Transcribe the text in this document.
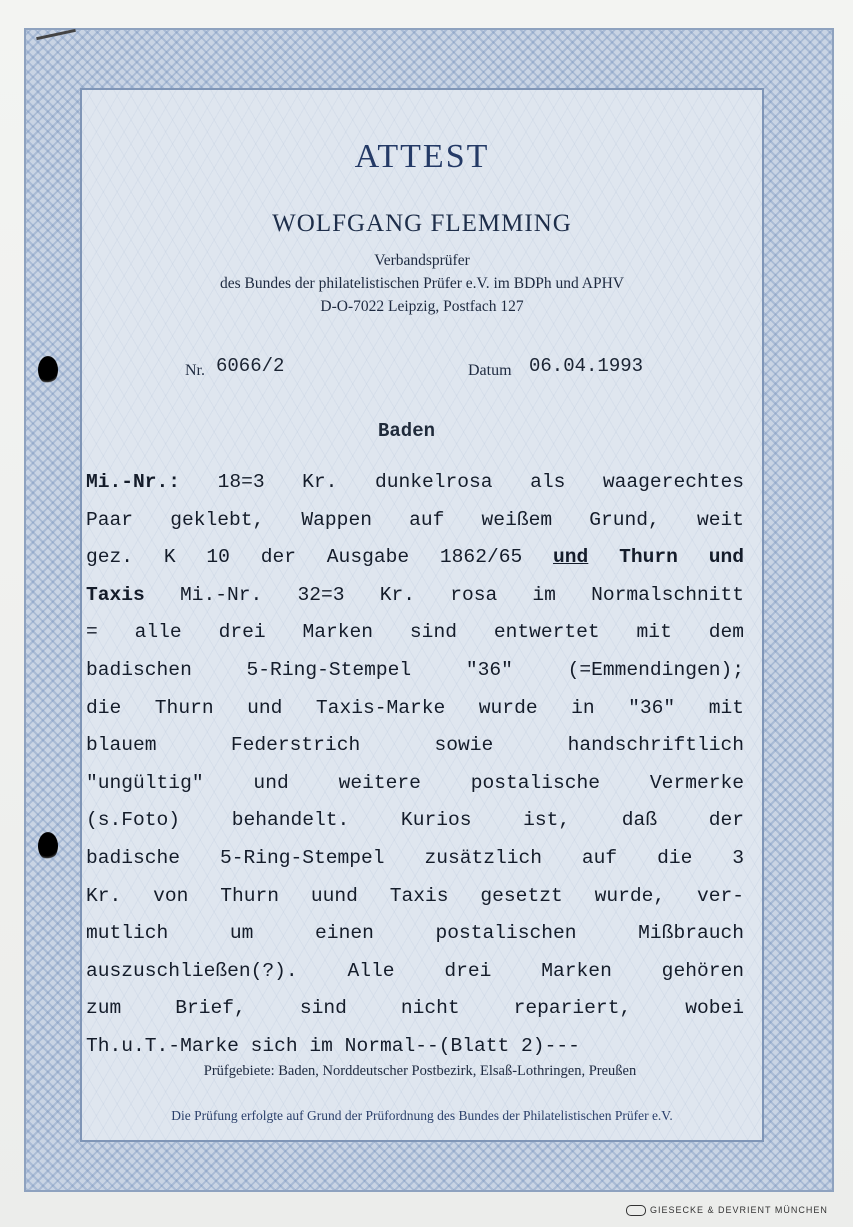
ATTEST
WOLFGANG FLEMMING
Verbandsprüfer
des Bundes der philatelistischen Prüfer e.V. im BDPh und APHV
D-O-7022 Leipzig, Postfach 127
Nr. 6066/2	Datum 06.04.1993
Baden
Mi.-Nr.: 18=3 Kr. dunkelrosa als waagerechtes
Paar geklebt, Wappen auf weißem Grund, weit
gez. K 10 der Ausgabe 1862/65 und Thurn und
Taxis Mi.-Nr. 32=3 Kr. rosa im Normalschnitt
= alle drei Marken sind entwertet mit dem
badischen 5-Ring-Stempel "36" (=Emmendingen);
die Thurn und Taxis-Marke wurde in "36" mit
blauem Federstrich sowie handschriftlich
"ungültig" und weitere postalische Vermerke
(s.Foto) behandelt. Kurios ist, daß der
badische 5-Ring-Stempel zusätzlich auf die 3
Kr. von Thurn uund Taxis gesetzt wurde, ver-
mutlich um einen postalischen Mißbrauch
auszuschließen(?). Alle drei Marken gehören
zum Brief, sind nicht repariert, wobei
Th.u.T.-Marke sich im Normal--(Blatt 2)---
Prüfgebiete: Baden, Norddeutscher Postbezirk, Elsaß-Lothringen, Preußen
Die Prüfung erfolgte auf Grund der Prüfordnung des Bundes der Philatelistischen Prüfer e.V.
GIESECKE & DEVRIENT MÜNCHEN
